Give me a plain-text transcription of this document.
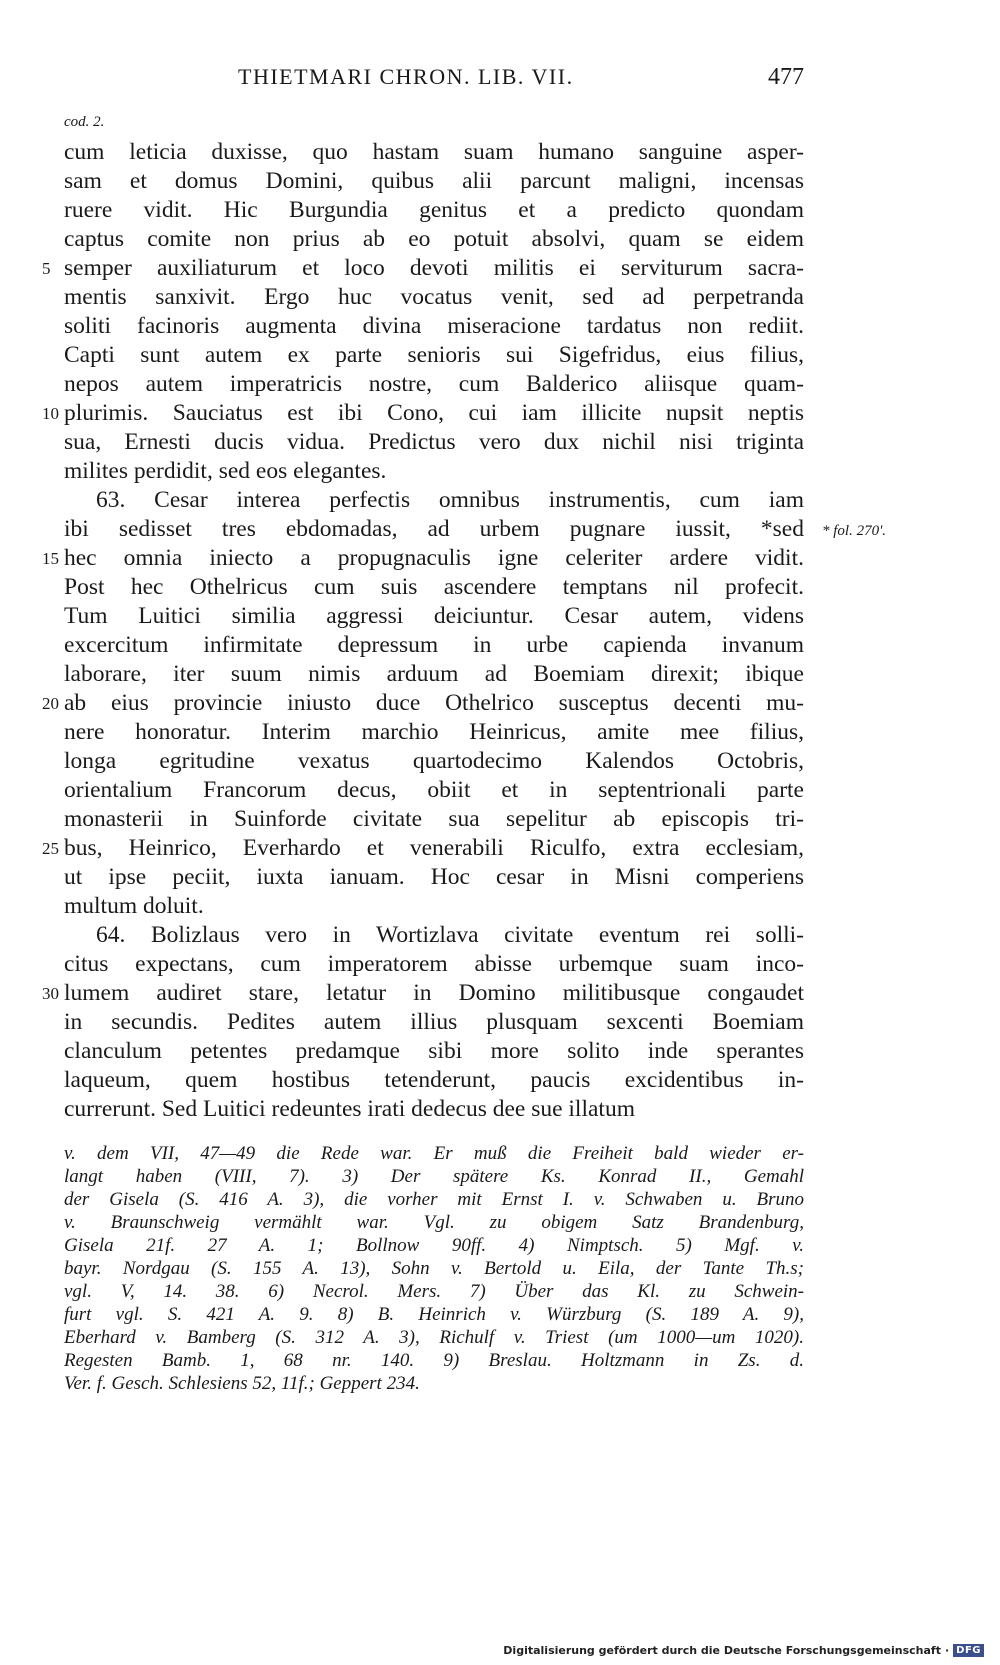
THIETMARI CHRON. LIB. VII.	477
cod. 2.
cum leticia duxisse, quo hastam suam humano sanguine asper-
sam et domus Domini, quibus alii parcunt maligni, incensas
ruere vidit. Hic Burgundia genitus et a predicto quondam
captus comite non prius ab eo potuit absolvi, quam se eidem
semper auxiliaturum et loco devoti militis ei serviturum sacra-
5
mentis sanxivit. Ergo huc vocatus venit, sed ad perpetranda
soliti facinoris augmenta divina miseracione tardatus non rediit.
Capti sunt autem ex parte senioris sui Sigefridus, eius filius,
nepos autem imperatricis nostre, cum Balderico aliisque quam-
plurimis. Sauciatus est ibi Cono, cui iam illicite nupsit neptis
10
sua, Ernesti ducis vidua. Predictus vero dux nichil nisi triginta
milites perdidit, sed eos elegantes.
63. Cesar interea perfectis omnibus instrumentis, cum iam
ibi sedisset tres ebdomadas, ad urbem pugnare iussit, *sed * fol. 270'.
hec omnia iniecto a propugnaculis igne celeriter ardere vidit.
15
Post hec Othelricus cum suis ascendere temptans nil profecit.
Tum Luitici similia aggressi deiciuntur. Cesar autem, videns
excercitum infirmitate depressum in urbe capienda invanum
laborare, iter suum nimis arduum ad Boemiam direxit; ibique
ab eius provincie iniusto duce Othelrico susceptus decenti mu-
20
nere honoratur. Interim marchio Heinricus, amite mee filius,
longa egritudine vexatus quartodecimo Kalendos Octobris,
orientalium Francorum decus, obiit et in septentrionali parte
monasterii in Suinforde civitate sua sepelitur ab episcopis tri-
bus, Heinrico, Everhardo et venerabili Riculfo, extra ecclesiam,
25
ut ipse peciit, iuxta ianuam. Hoc cesar in Misni comperiens
multum doluit.
64. Bolizlaus vero in Wortizlava civitate eventum rei solli-
citus expectans, cum imperatorem abisse urbemque suam inco-
lumem audiret stare, letatur in Domino militibusque congaudet
30
in secundis. Pedites autem illius plusquam sexcenti Boemiam
clanculum petentes predamque sibi more solito inde sperantes
laqueum, quem hostibus tetenderunt, paucis excidentibus in-
currerunt. Sed Luitici redeuntes irati dedecus dee sue illatum
v. dem VII, 47—49 die Rede war. Er muß die Freiheit bald wieder er-
langt haben (VIII, 7). 3) Der spätere Ks. Konrad II., Gemahl
der Gisela (S. 416 A. 3), die vorher mit Ernst I. v. Schwaben u. Bruno
v. Braunschweig vermählt war. Vgl. zu obigem Satz Brandenburg,
Gisela 21f. 27 A. 1; Bollnow 90ff. 4) Nimptsch. 5) Mgf. v.
bayr. Nordgau (S. 155 A. 13), Sohn v. Bertold u. Eila, der Tante Th.s;
vgl. V, 14. 38. 6) Necrol. Mers. 7) Über das Kl. zu Schwein-
furt vgl. S. 421 A. 9. 8) B. Heinrich v. Würzburg (S. 189 A. 9),
Eberhard v. Bamberg (S. 312 A. 3), Richulf v. Triest (um 1000—um 1020).
Regesten Bamb. 1, 68 nr. 140. 9) Breslau. Holtzmann in Zs. d.
Ver. f. Gesch. Schlesiens 52, 11f.; Geppert 234.
Digitalisierung gefördert durch die Deutsche Forschungsgemeinschaft · DFG
